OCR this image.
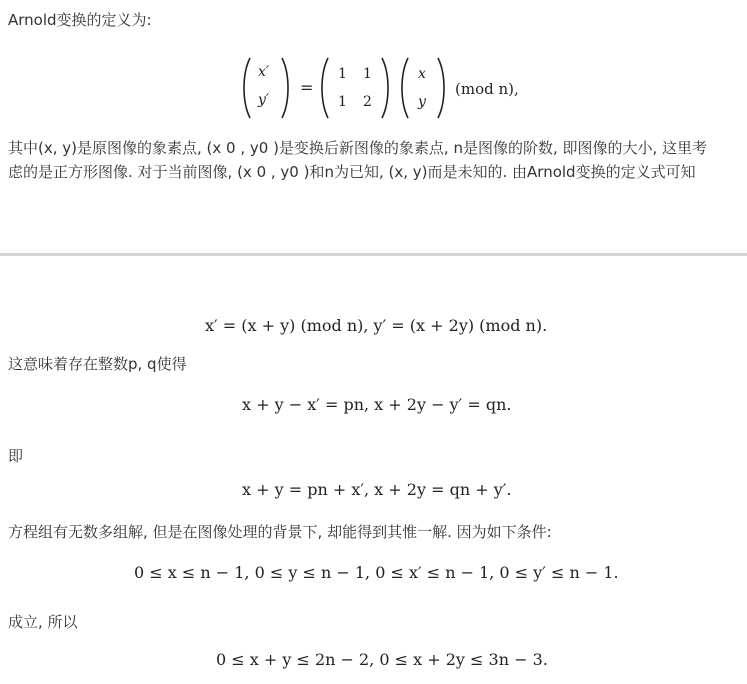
Arnold变换的定义为:
x′
y′
=
1 1
1 2
x
y
(mod n),
其中(x, y)是原图像的象素点, (x 0 , y0 )是变换后新图像的象素点, n是图像的阶数, 即图像的大小, 这里考
虑的是正方形图像. 对于当前图像, (x 0 , y0 )和n为已知, (x, y)而是未知的. 由Arnold变换的定义式可知
x′ = (x + y) (mod n), y′ = (x + 2y) (mod n).
这意味着存在整数p, q使得
x + y − x′ = pn, x + 2y − y′ = qn.
即
x + y = pn + x′, x + 2y = qn + y′.
方程组有无数多组解, 但是在图像处理的背景下, 却能得到其惟一解. 因为如下条件:
0 ≤ x ≤ n − 1, 0 ≤ y ≤ n − 1, 0 ≤ x′ ≤ n − 1, 0 ≤ y′ ≤ n − 1.
成立, 所以
0 ≤ x + y ≤ 2n − 2, 0 ≤ x + 2y ≤ 3n − 3.
